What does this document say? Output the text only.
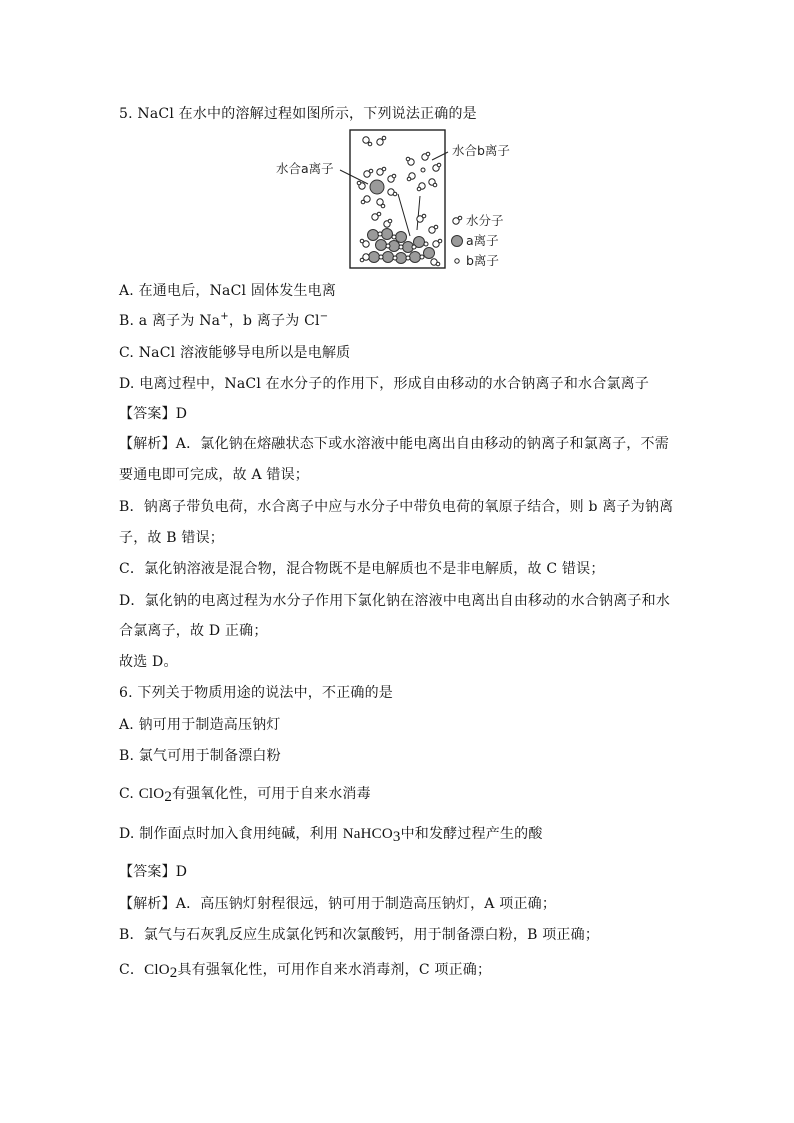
5. NaCl 在水中的溶解过程如图所示，下列说法正确的是
水合a离子
水合b离子
水分子
a离子
b离子
A. 在通电后，NaCl 固体发生电离
B. a 离子为 Na+，b 离子为 Cl−
C. NaCl 溶液能够导电所以是电解质
D. 电离过程中，NaCl 在水分子的作用下，形成自由移动的水合钠离子和水合氯离子
【答案】D
【解析】A．氯化钠在熔融状态下或水溶液中能电离出自由移动的钠离子和氯离子，不需
要通电即可完成，故 A 错误；
B．钠离子带负电荷，水合离子中应与水分子中带负电荷的氧原子结合，则 b 离子为钠离
子，故 B 错误；
C．氯化钠溶液是混合物，混合物既不是电解质也不是非电解质，故 C 错误；
D．氯化钠的电离过程为水分子作用下氯化钠在溶液中电离出自由移动的水合钠离子和水
合氯离子，故 D 正确；
故选 D。
6. 下列关于物质用途的说法中，不正确的是
A. 钠可用于制造高压钠灯
B. 氯气可用于制备漂白粉
C. ClO$_2$有强氧化性，可用于自来水消毒
D. 制作面点时加入食用纯碱，利用 NaHCO$_3$中和发酵过程产生的酸
【答案】D
【解析】A．高压钠灯射程很远，钠可用于制造高压钠灯，A 项正确；
B．氯气与石灰乳反应生成氯化钙和次氯酸钙，用于制备漂白粉，B 项正确；
C．ClO$_2$具有强氧化性，可用作自来水消毒剂，C 项正确；
